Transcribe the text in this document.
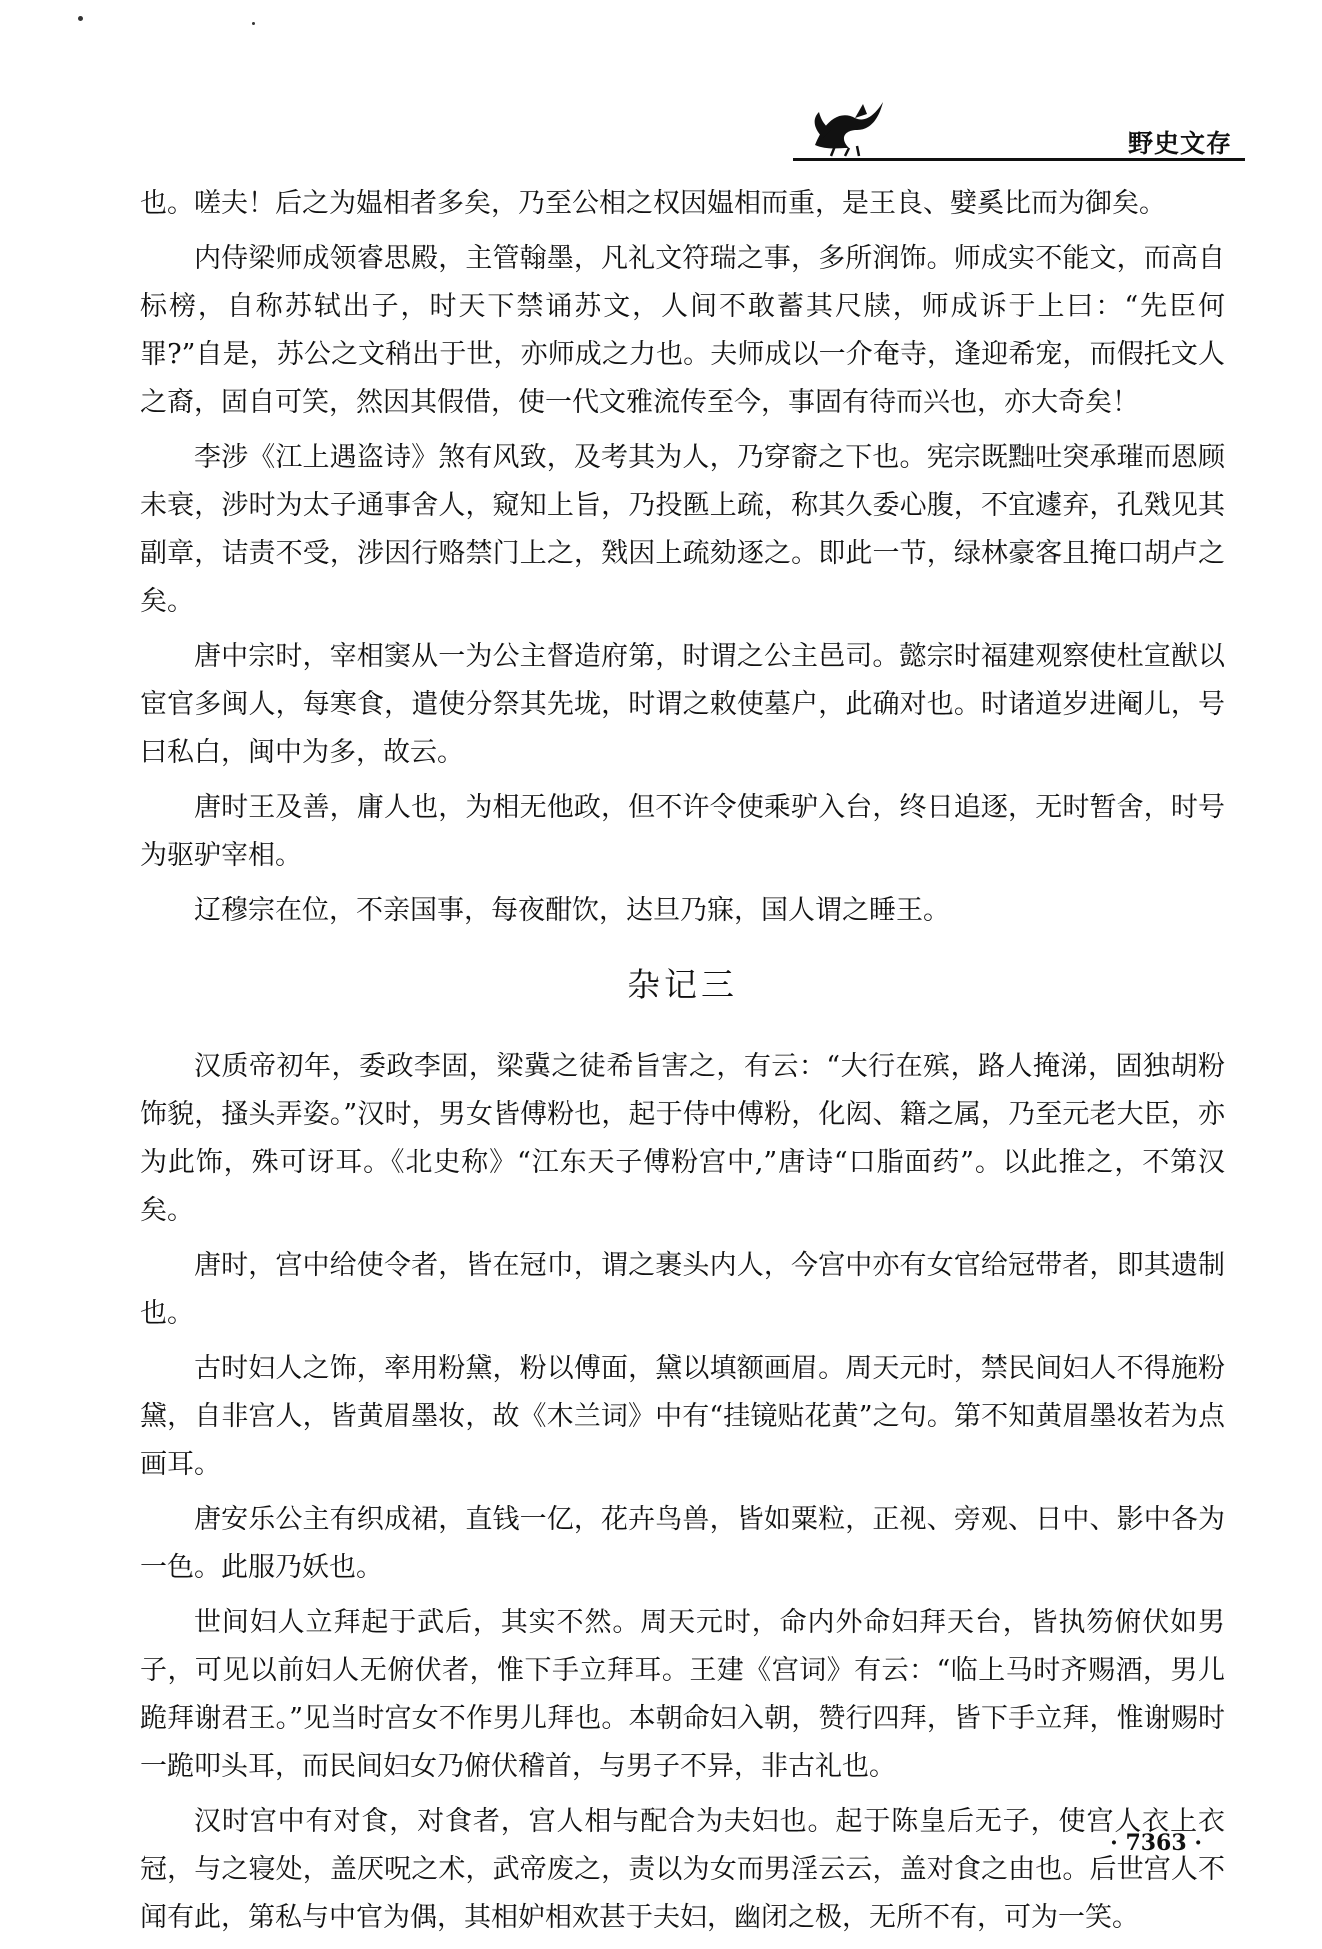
野史文存

也。嗟夫！后之为媪相者多矣，乃至公相之权因媪相而重，是王良、嬖奚比而为御矣。

内侍梁师成领睿思殿，主管翰墨，凡礼文符瑞之事，多所润饰。师成实不能文，而高自标榜，自称苏轼出子，时天下禁诵苏文，人间不敢蓄其尺牍，师成诉于上曰：“先臣何罪?”自是，苏公之文稍出于世，亦师成之力也。夫师成以一介奄寺，逢迎希宠，而假托文人之裔，固自可笑，然因其假借，使一代文雅流传至今，事固有待而兴也，亦大奇矣！

李涉《江上遇盗诗》煞有风致，及考其为人，乃穿窬之下也。宪宗既黜吐突承璀而恩顾未衰，涉时为太子通事舍人，窥知上旨，乃投匦上疏，称其久委心腹，不宜遽弃，孔戣见其副章，诘责不受，涉因行赂禁门上之，戣因上疏劾逐之。即此一节，绿林豪客且掩口胡卢之矣。

唐中宗时，宰相窦从一为公主督造府第，时谓之公主邑司。懿宗时福建观察使杜宣猷以宦官多闽人，每寒食，遣使分祭其先垅，时谓之敕使墓户，此确对也。时诸道岁进阉儿，号曰私白，闽中为多，故云。

唐时王及善，庸人也，为相无他政，但不许令使乘驴入台，终日追逐，无时暂舍，时号为驱驴宰相。

辽穆宗在位，不亲国事，每夜酣饮，达旦乃寐，国人谓之睡王。

杂记三

汉质帝初年，委政李固，梁冀之徒希旨害之，有云：“大行在殡，路人掩涕，固独胡粉饰貌，搔头弄姿。”汉时，男女皆傅粉也，起于侍中傅粉，化闳、籍之属，乃至元老大臣，亦为此饰，殊可讶耳。《北史称》“江东天子傅粉宫中,”唐诗“口脂面药”。以此推之，不第汉矣。

唐时，宫中给使令者，皆在冠巾，谓之裹头内人，今宫中亦有女官给冠带者，即其遗制也。

古时妇人之饰，率用粉黛，粉以傅面，黛以填额画眉。周天元时，禁民间妇人不得施粉黛，自非宫人，皆黄眉墨妆，故《木兰词》中有“挂镜贴花黄”之句。第不知黄眉墨妆若为点画耳。

唐安乐公主有织成裙，直钱一亿，花卉鸟兽，皆如粟粒，正视、旁观、日中、影中各为一色。此服乃妖也。

世间妇人立拜起于武后，其实不然。周天元时，命内外命妇拜天台，皆执笏俯伏如男子，可见以前妇人无俯伏者，惟下手立拜耳。王建《宫词》有云：“临上马时齐赐酒，男儿跪拜谢君王。”见当时宫女不作男儿拜也。本朝命妇入朝，赞行四拜，皆下手立拜，惟谢赐时一跪叩头耳，而民间妇女乃俯伏稽首，与男子不异，非古礼也。

汉时宫中有对食，对食者，宫人相与配合为夫妇也。起于陈皇后无子，使宫人衣上衣冠，与之寝处，盖厌呪之术，武帝废之，责以为女而男淫云云，盖对食之由也。后世宫人不闻有此，第私与中官为偶，其相妒相欢甚于夫妇，幽闭之极，无所不有，可为一笑。

· 7363 ·
